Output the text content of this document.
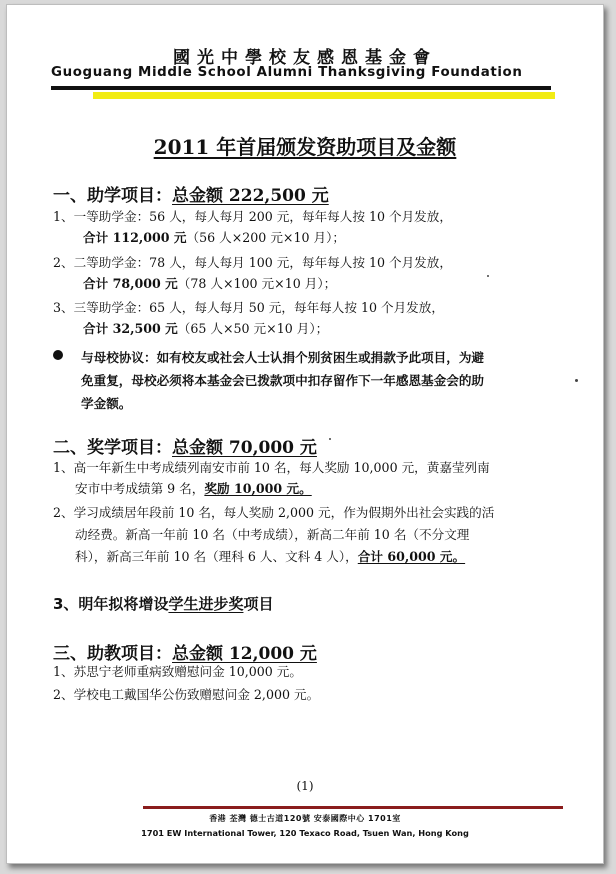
國光中學校友感恩基金會
Guoguang Middle School Alumni Thanksgiving Foundation
2011 年首届颁发资助项目及金额
一、助学项目：总金额 222,500 元
1、一等助学金：56 人，每人每月 200 元，每年每人按 10 个月发放，
合计 112,000 元（56 人×200 元×10 月）；
2、二等助学金：78 人，每人每月 100 元，每年每人按 10 个月发放，
合计 78,000 元（78 人×100 元×10 月）；
3、三等助学金：65 人，每人每月 50 元，每年每人按 10 个月发放，
合计 32,500 元（65 人×50 元×10 月）；
与母校协议：如有校友或社会人士认捐个别贫困生或捐款予此项目，为避
免重复，母校必须将本基金会已拨款项中扣存留作下一年感恩基金会的助
学金额。
二、奖学项目：总金额 70,000 元
1、高一年新生中考成绩列南安市前 10 名，每人奖励 10,000 元，黄嘉莹列南
安市中考成绩第 9 名，奖励 10,000 元。
2、学习成绩居年段前 10 名，每人奖励 2,000 元，作为假期外出社会实践的活
动经费。新高一年前 10 名（中考成绩），新高二年前 10 名（不分文理
科），新高三年前 10 名（理科 6 人、文科 4 人），合计 60,000 元。
3、明年拟将增设学生进步奖项目
三、助教项目：总金额 12,000 元
1、苏思宁老师重病致赠慰问金 10,000 元。
2、学校电工戴国华公伤致赠慰问金 2,000 元。
(1)
香港 荃灣 德士古道120號 安泰國際中心 1701室
1701 EW International Tower, 120 Texaco Road, Tsuen Wan, Hong Kong
